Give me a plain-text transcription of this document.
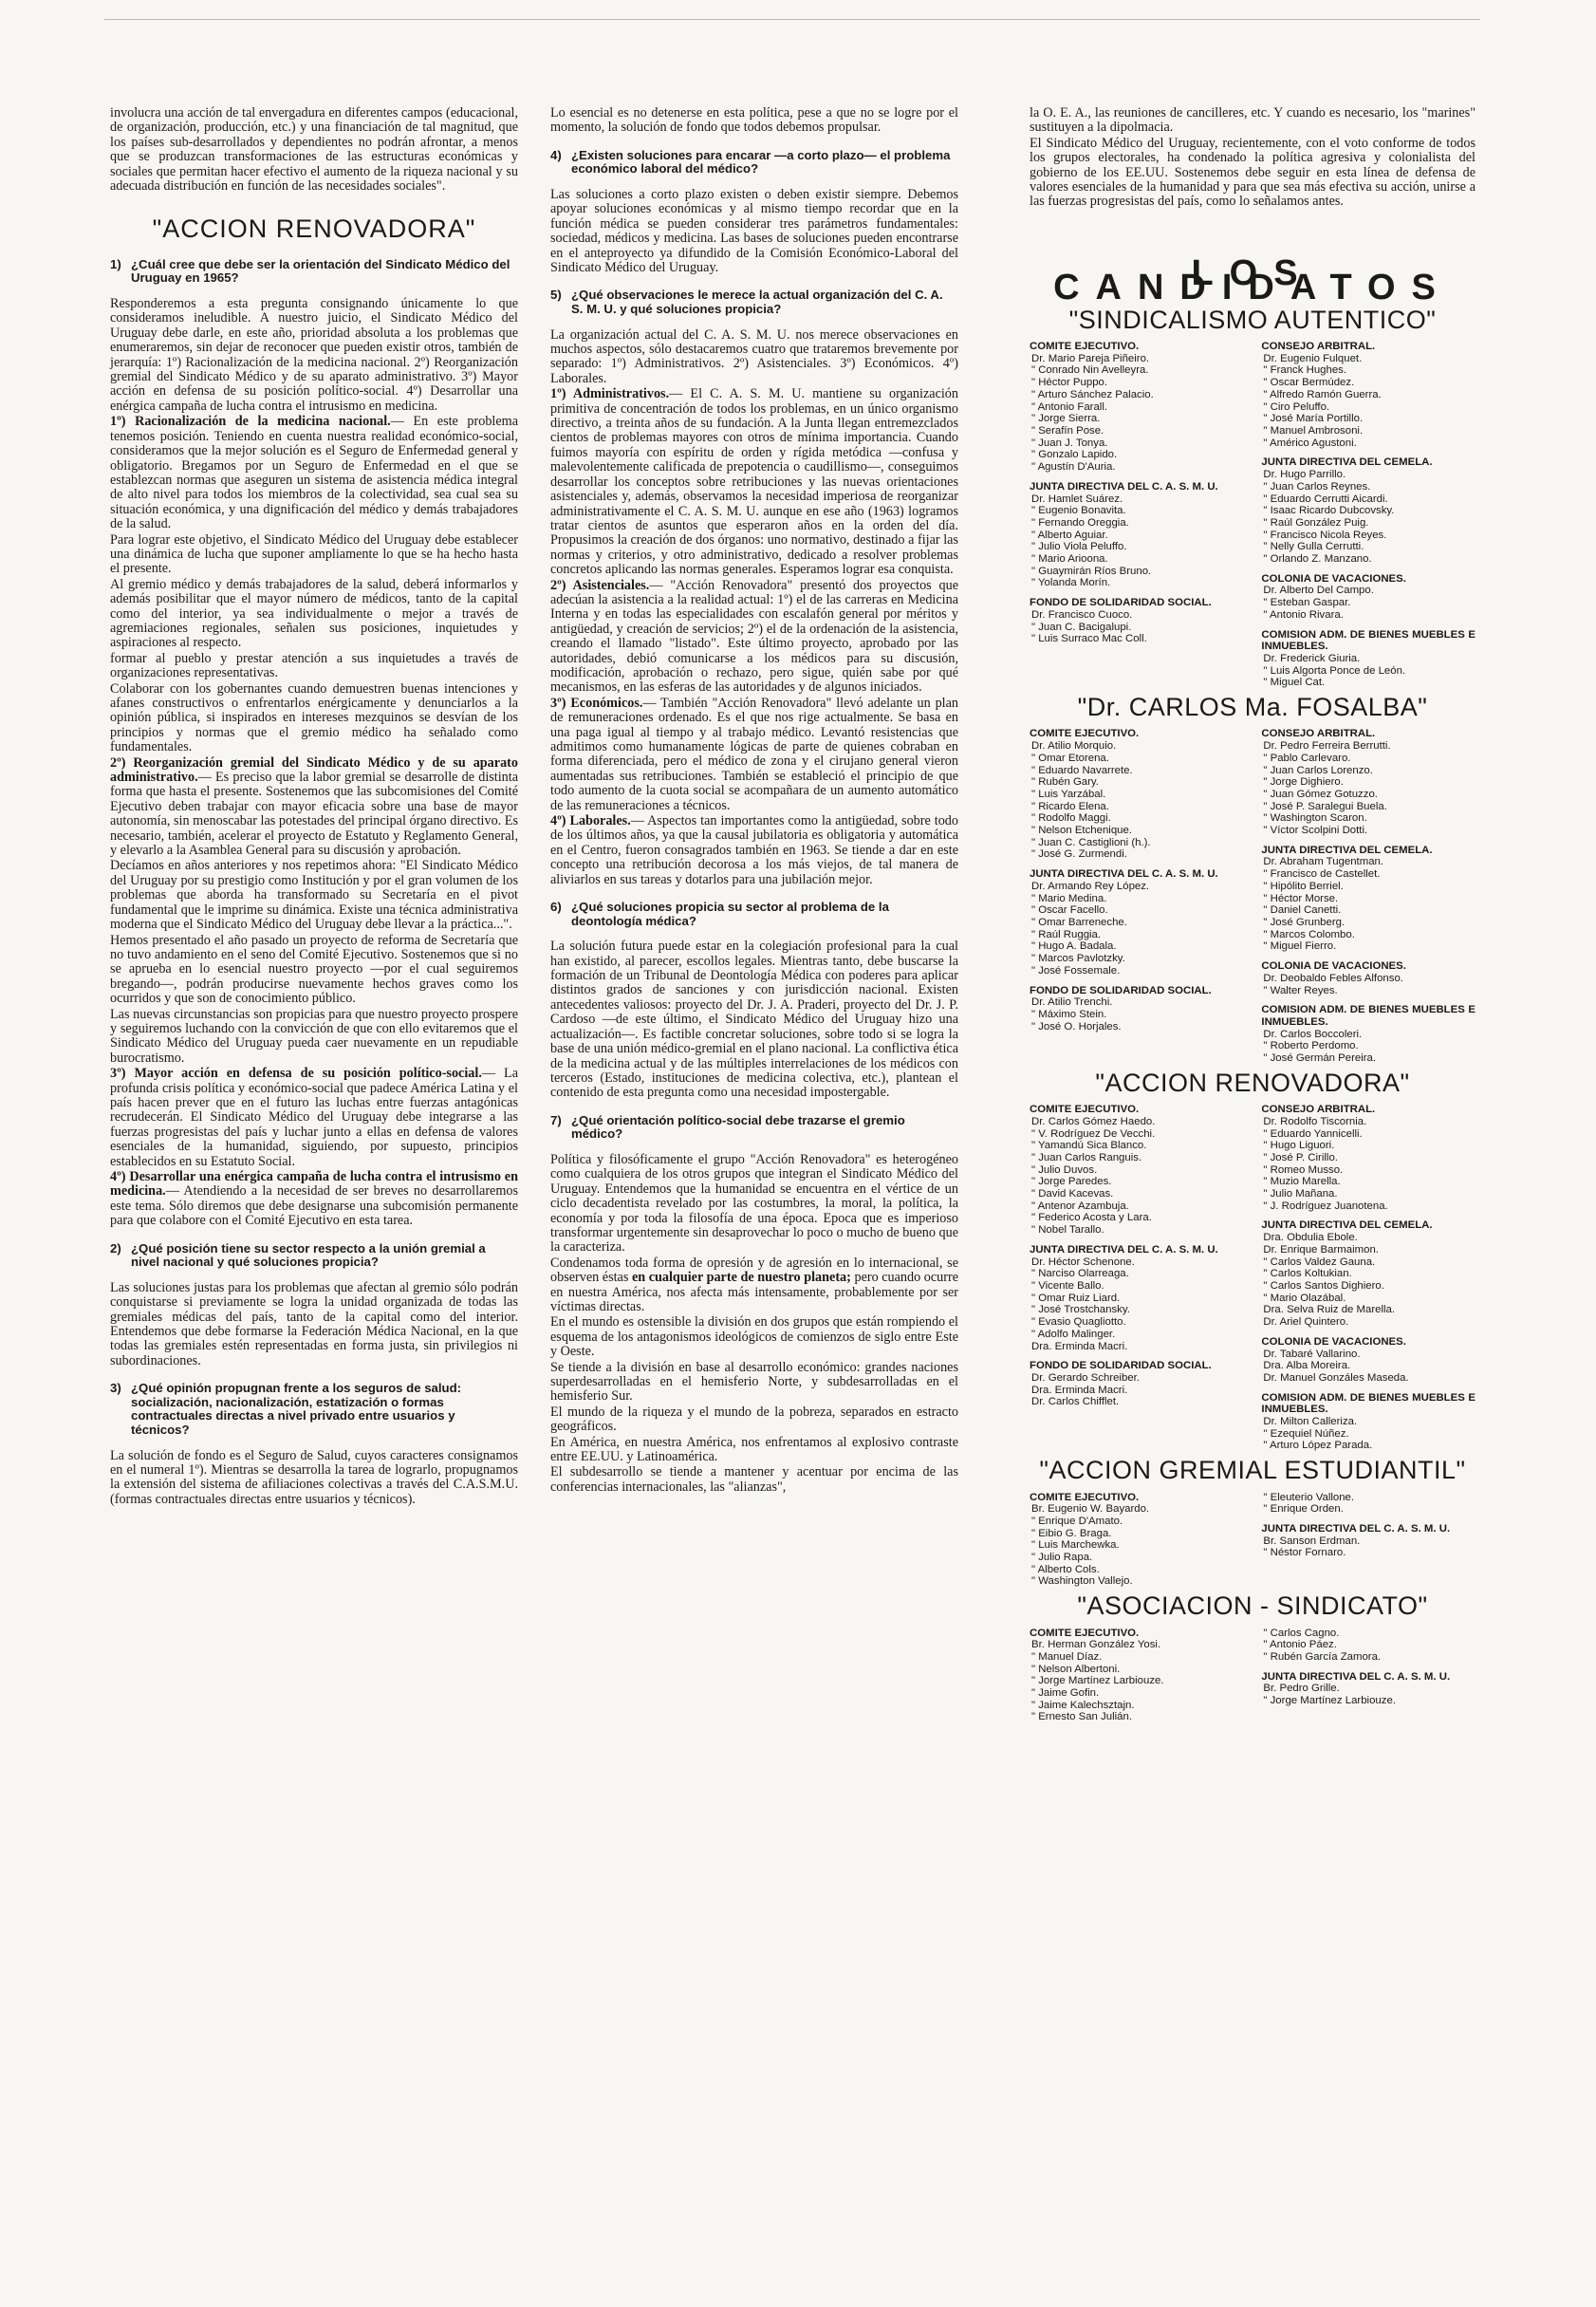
involucra una acción de tal envergadura en diferentes campos (educacional, de organización, producción, etc.) y una financiación de tal magnitud, que los países sub-desarrollados y dependientes no podrán afrontar, a menos que se produzcan transformaciones de las estructuras económicas y sociales que permitan hacer efectivo el aumento de la riqueza nacional y su adecuada distribución en función de las necesidades sociales".

"ACCION RENOVADORA"
1) ¿Cuál cree que debe ser la orientación del Sindicato Médico del Uruguay en 1965?

Responderemos a esta pregunta consignando únicamente lo que consideramos ineludible. A nuestro juicio, el Sindicato Médico del Uruguay debe darle, en este año, prioridad absoluta a los problemas que enumeraremos, sin dejar de reconocer que pueden existir otros, también de jerarquía: 1º) Racionalización de la medicina nacional. 2º) Reorganización gremial del Sindicato Médico y de su aparato administrativo. 3º) Mayor acción en defensa de su posición político-social. 4º) Desarrollar una enérgica campaña de lucha contra el intrusismo en medicina.

1º) Racionalización de la medicina nacional.— En este problema tenemos posición. Teniendo en cuenta nuestra realidad económico-social, consideramos que la mejor solución es el Seguro de Enfermedad general y obligatorio. Bregamos por un Seguro de Enfermedad en el que se establezcan normas que aseguren un sistema de asistencia médica integral de alto nivel para todos los miembros de la colectividad, sea cual sea su situación económica, y una dignificación del médico y demás trabajadores de la salud.

Para lograr este objetivo, el Sindicato Médico del Uruguay debe establecer una dinámica de lucha que suponer ampliamente lo que se ha hecho hasta el presente.

Al gremio médico y demás trabajadores de la salud, deberá informarlos y además posibilitar que el mayor número de médicos, tanto de la capital como del interior, ya sea individualmente o mejor a través de agremiaciones regionales, señalen sus posiciones, inquietudes y aspiraciones al respecto.

formar al pueblo y prestar atención a sus inquietudes a través de organizaciones representativas.

Colaborar con los gobernantes cuando demuestren buenas intenciones y afanes constructivos o enfrentarlos enérgicamente y denunciarlos a la opinión pública, si inspirados en intereses mezquinos se desvían de los principios y normas que el gremio médico ha señalado como fundamentales.

2º) Reorganización gremial del Sindicato Médico y de su aparato administrativo.— Es preciso que la labor gremial se desarrolle de distinta forma que hasta el presente. Sostenemos que las subcomisiones del Comité Ejecutivo deben trabajar con mayor eficacia sobre una base de mayor autonomía, sin menoscabar las potestades del principal órgano directivo. Es necesario, también, acelerar el proyecto de Estatuto y Reglamento General, y elevarlo a la Asamblea General para su discusión y aprobación.

Decíamos en años anteriores y nos repetimos ahora: "El Sindicato Médico del Uruguay por su prestigio como Institución y por el gran volumen de los problemas que aborda ha transformado su Secretaría en el pivot fundamental que le imprime su dinámica. Existe una técnica administrativa moderna que el Sindicato Médico del Uruguay debe llevar a la práctica...".

Hemos presentado el año pasado un proyecto de reforma de Secretaría que no tuvo andamiento en el seno del Comité Ejecutivo. Sostenemos que si no se aprueba en lo esencial nuestro proyecto —por el cual seguiremos bregando—, podrán producirse nuevamente hechos graves como los ocurridos y que son de conocimiento público.

Las nuevas circunstancias son propicias para que nuestro proyecto prospere y seguiremos luchando con la convicción de que con ello evitaremos que el Sindicato Médico del Uruguay pueda caer nuevamente en un repudiable burocratismo.

3º) Mayor acción en defensa de su posición político-social.— La profunda crisis política y económico-social que padece América Latina y el país hacen prever que en el futuro las luchas entre fuerzas antagónicas recrudecerán. El Sindicato Médico del Uruguay debe integrarse a las fuerzas progresistas del país y luchar junto a ellas en defensa de valores esenciales de la humanidad, siguiendo, por supuesto, principios establecidos en su Estatuto Social.

4º) Desarrollar una enérgica campaña de lucha contra el intrusismo en medicina.— Atendiendo a la necesidad de ser breves no desarrollaremos este tema. Sólo diremos que debe designarse una subcomisión permanente para que colabore con el Comité Ejecutivo en esta tarea.

2) ¿Qué posición tiene su sector respecto a la unión gremial a nivel nacional y qué soluciones propicia?

Las soluciones justas para los problemas que afectan al gremio sólo podrán conquistarse si previamente se logra la unidad organizada de todas las gremiales médicas del país, tanto de la capital como del interior. Entendemos que debe formarse la Federación Médica Nacional, en la que todas las gremiales estén representadas en forma justa, sin privilegios ni subordinaciones.

3) ¿Qué opinión propugnan frente a los seguros de salud: socialización, nacionalización, estatización o formas contractuales directas a nivel privado entre usuarios y técnicos?

La solución de fondo es el Seguro de Salud, cuyos caracteres consignamos en el numeral 1º). Mientras se desarrolla la tarea de lograrlo, propugnamos la extensión del sistema de afiliaciones colectivas a través del C.A.S.M.U. (formas contractuales directas entre usuarios y técnicos).

Lo esencial es no detenerse en esta política, pese a que no se logre por el momento, la solución de fondo que todos debemos propulsar.

4) ¿Existen soluciones para encarar —a corto plazo— el problema económico laboral del médico?

Las soluciones a corto plazo existen o deben existir siempre. Debemos apoyar soluciones económicas y al mismo tiempo recordar que en la función médica se pueden considerar tres parámetros fundamentales: sociedad, médicos y medicina. Las bases de soluciones pueden encontrarse en el anteproyecto ya difundido de la Comisión Económico-Laboral del Sindicato Médico del Uruguay.

5) ¿Qué observaciones le merece la actual organización del C. A. S. M. U. y qué soluciones propicia?

La organización actual del C. A. S. M. U. nos merece observaciones en muchos aspectos, sólo destacaremos cuatro que trataremos brevemente por separado: 1º) Administrativos. 2º) Asistenciales. 3º) Económicos. 4º) Laborales.

1º) Administrativos.— El C. A. S. M. U. mantiene su organización primitiva de concentración de todos los problemas, en un único organismo directivo, a treinta años de su fundación. A la Junta llegan entremezclados cientos de problemas mayores con otros de mínima importancia. Cuando fuimos mayoría con espíritu de orden y rígida metódica —confusa y malevolentemente calificada de prepotencia o caudillismo—, conseguimos desarrollar los conceptos sobre retribuciones y las nuevas orientaciones asistenciales y, además, observamos la necesidad imperiosa de reorganizar administrativamente el C. A. S. M. U. aunque en ese año (1963) logramos tratar cientos de asuntos que esperaron años en la orden del día. Propusimos la creación de dos órganos: uno normativo, destinado a fijar las normas y criterios, y otro administrativo, dedicado a resolver problemas concretos aplicando las normas generales. Esperamos lograr esa conquista.

2º) Asistenciales.— "Acción Renovadora" presentó dos proyectos que adecúan la asistencia a la realidad actual: 1º) el de las carreras en Medicina Interna y en todas las especialidades con escalafón general por méritos y antigüedad, y creación de servicios; 2º) el de la ordenación de la asistencia, creando el llamado "listado". Este último proyecto, aprobado por las autoridades, debió comunicarse a los médicos para su discusión, modificación, aprobación o rechazo, pero sigue, quién sabe por qué mecanismos, en las esferas de las autoridades y de algunos iniciados.

3º) Económicos.— También "Acción Renovadora" llevó adelante un plan de remuneraciones ordenado. Es el que nos rige actualmente. Se basa en una paga igual al tiempo y al trabajo médico. Levantó resistencias que admitimos como humanamente lógicas de parte de quienes cobraban en forma diferenciada, pero el médico de zona y el cirujano general vieron aumentadas sus retribuciones. También se estableció el principio de que todo aumento de la cuota social se acompañara de un aumento automático de las remuneraciones a técnicos.

4º) Laborales.— Aspectos tan importantes como la antigüedad, sobre todo de los últimos años, ya que la causal jubilatoria es obligatoria y automática en el Centro, fueron consagrados también en 1963. Se tiende a dar en este concepto una retribución decorosa a los más viejos, de tal manera de aliviarlos en sus tareas y dotarlos para una jubilación mejor.

6) ¿Qué soluciones propicia su sector al problema de la deontología médica?

La solución futura puede estar en la colegiación profesional para la cual han existido, al parecer, escollos legales. Mientras tanto, debe buscarse la formación de un Tribunal de Deontología Médica con poderes para aplicar distintos grados de sanciones y con jurisdicción nacional. Existen antecedentes valiosos: proyecto del Dr. J. A. Praderi, proyecto del Dr. J. P. Cardoso —de este último, el Sindicato Médico del Uruguay hizo una actualización—. Es factible concretar soluciones, sobre todo si se logra la base de una unión médico-gremial en el plano nacional. La conflictiva ética de la medicina actual y de las múltiples interrelaciones de los médicos con terceros (Estado, instituciones de medicina colectiva, etc.), plantean el contenido de esta pregunta como una necesidad impostergable.

7) ¿Qué orientación político-social debe trazarse el gremio médico?

Política y filosóficamente el grupo "Acción Renovadora" es heterogéneo como cualquiera de los otros grupos que integran el Sindicato Médico del Uruguay. Entendemos que la humanidad se encuentra en el vértice de un ciclo decadentista revelado por las costumbres, la moral, la política, la economía y por toda la filosofía de una época. Epoca que es imperioso transformar urgentemente sin desaprovechar lo poco o mucho de bueno que la caracteriza.

Condenamos toda forma de opresión y de agresión en lo internacional, se observen éstas en cualquier parte de nuestro planeta; pero cuando ocurre en nuestra América, nos afecta más intensamente, probablemente por ser víctimas directas.

En el mundo es ostensible la división en dos grupos que están rompiendo el esquema de los antagonismos ideológicos de comienzos de siglo entre Este y Oeste.

Se tiende a la división en base al desarrollo económico: grandes naciones superdesarrolladas en el hemisferio Norte, y subdesarrolladas en el hemisferio Sur.

El mundo de la riqueza y el mundo de la pobreza, separados en estracto geográficos.

En América, en nuestra América, nos enfrentamos al explosivo contraste entre EE.UU. y Latinoamérica.

El subdesarrollo se tiende a mantener y acentuar por encima de las conferencias internacionales, las "alianzas",

la O. E. A., las reuniones de cancilleres, etc. Y cuando es necesario, los "marines" sustituyen a la dipolmacia.

El Sindicato Médico del Uruguay, recientemente, con el voto conforme de todos los grupos electorales, ha condenado la política agresiva y colonialista del gobierno de los EE.UU. Sostenemos debe seguir en esta línea de defensa de valores esenciales de la humanidad y para que sea más efectiva su acción, unirse a las fuerzas progresistas del país, como lo señalamos antes.

LOS CANDIDATOS
"SINDICALISMO AUTENTICO"
COMITE EJECUTIVO.
Dr. Mario Pareja Piñeiro.
" Conrado Nin Avelleyra.
" Héctor Puppo.
" Arturo Sánchez Palacio.
" Antonio Farall.
" Jorge Sierra.
" Serafín Pose.
" Juan J. Tonya.
" Gonzalo Lapido.
" Agustín D'Auria.
JUNTA DIRECTIVA DEL C. A. S. M. U.
Dr. Hamlet Suárez.
" Eugenio Bonavita.
" Fernando Oreggia.
" Alberto Aguiar.
" Julio Viola Peluffo.
" Mario Arioona.
" Guaymirán Ríos Bruno.
" Yolanda Morín.
FONDO DE SOLIDARIDAD SOCIAL.
Dr. Francisco Cuoco.
" Juan C. Bacigalupi.
" Luis Surraco Mac Coll.
CONSEJO ARBITRAL.
Dr. Eugenio Fulquet.
" Franck Hughes.
" Oscar Bermúdez.
" Alfredo Ramón Guerra.
" Ciro Peluffo.
" José María Portillo.
" Manuel Ambrosoni.
" Américo Agustoni.
JUNTA DIRECTIVA DEL CEMELA.
Dr. Hugo Parrillo.
" Juan Carlos Reynes.
" Eduardo Cerrutti Aicardi.
" Isaac Ricardo Dubcovsky.
" Raúl González Puig.
" Francisco Nicola Reyes.
" Nelly Gulla Cerrutti.
" Orlando Z. Manzano.
COLONIA DE VACACIONES.
Dr. Alberto Del Campo.
" Esteban Gaspar.
" Antonio Rivara.
COMISION ADM. DE BIENES MUEBLES E INMUEBLES.
Dr. Frederick Giuria.
" Luis Algorta Ponce de León.
" Miguel Cat.
"Dr. CARLOS Ma. FOSALBA"
COMITE EJECUTIVO.
Dr. Atilio Morquio.
" Omar Etorena.
" Eduardo Navarrete.
" Rubén Gary.
" Luis Yarzábal.
" Ricardo Elena.
" Rodolfo Maggi.
" Nelson Etchenique.
" Juan C. Castiglioni (h.).
" José G. Zurmendi.
JUNTA DIRECTIVA DEL C. A. S. M. U.
Dr. Armando Rey López.
" Mario Medina.
" Oscar Facello.
" Omar Barreneche.
" Raúl Ruggia.
" Hugo A. Badala.
" Marcos Pavlotzky.
" José Fossemale.
FONDO DE SOLIDARIDAD SOCIAL.
Dr. Atilio Trenchi.
" Máximo Stein.
" José O. Horjales.
CONSEJO ARBITRAL.
Dr. Pedro Ferreira Berrutti.
" Pablo Carlevaro.
" Juan Carlos Lorenzo.
" Jorge Dighiero.
" Juan Gómez Gotuzzo.
" José P. Saralegui Buela.
" Washington Scaron.
" Víctor Scolpini Dotti.
JUNTA DIRECTIVA DEL CEMELA.
Dr. Abraham Tugentman.
" Francisco de Castellet.
" Hipólito Berriel.
" Héctor Morse.
" Daniel Canetti.
" José Grunberg.
" Marcos Colombo.
" Miguel Fierro.
COLONIA DE VACACIONES.
Dr. Deobaldo Febles Alfonso.
" Walter Reyes.
COMISION ADM. DE BIENES MUEBLES E INMUEBLES.
Dr. Carlos Boccoleri.
" Roberto Perdomo.
" José Germán Pereira.
"ACCION RENOVADORA"
COMITE EJECUTIVO.
Dr. Carlos Gómez Haedo.
" V. Rodríguez De Vecchi.
" Yamandú Sica Blanco.
" Juan Carlos Ranguis.
" Julio Duvos.
" Jorge Paredes.
" David Kacevas.
" Antenor Azambuja.
" Federico Acosta y Lara.
" Nobel Tarallo.
JUNTA DIRECTIVA DEL C. A. S. M. U.
Dr. Héctor Schenone.
" Narciso Olarreaga.
" Vicente Ballo.
" Omar Ruiz Liard.
" José Trostchansky.
" Evasio Quagliotto.
" Adolfo Malinger.
Dra. Erminda Macri.
FONDO DE SOLIDARIDAD SOCIAL.
Dr. Gerardo Schreiber.
Dra. Erminda Macri.
Dr. Carlos Chifflet.
CONSEJO ARBITRAL.
Dr. Rodolfo Tiscornia.
" Eduardo Yannicelli.
" Hugo Liguori.
" José P. Cirillo.
" Romeo Musso.
" Muzio Marella.
" Julio Mañana.
" J. Rodríguez Juanotena.
JUNTA DIRECTIVA DEL CEMELA.
Dra. Obdulia Ebole.
Dr. Enrique Barmaimon.
" Carlos Valdez Gauna.
" Carlos Koltukian.
" Carlos Santos Dighiero.
" Mario Olazábal.
Dra. Selva Ruiz de Marella.
Dr. Ariel Quintero.
COLONIA DE VACACIONES.
Dr. Tabaré Vallarino.
Dra. Alba Moreira.
Dr. Manuel Gonzáles Maseda.
COMISION ADM. DE BIENES MUEBLES E INMUEBLES.
Dr. Milton Calleriza.
" Ezequiel Núñez.
" Arturo López Parada.
"ACCION GREMIAL ESTUDIANTIL"
COMITE EJECUTIVO.
Br. Eugenio W. Bayardo.
" Enrique D'Amato.
" Eibio G. Braga.
" Luis Marchewka.
" Julio Rapa.
" Alberto Cols.
" Washington Vallejo.
" Eleuterio Vallone.
" Enrique Orden.
JUNTA DIRECTIVA DEL C. A. S. M. U.
Br. Sanson Erdman.
" Néstor Fornaro.
"ASOCIACION - SINDICATO"
COMITE EJECUTIVO.
Br. Herman González Yosi.
" Manuel Díaz.
" Nelson Albertoni.
" Jorge Martínez Larbiouze.
" Jaime Gofin.
" Jaime Kalechsztajn.
" Ernesto San Julián.
" Carlos Cagno.
" Antonio Páez.
" Rubén García Zamora.
JUNTA DIRECTIVA DEL C. A. S. M. U.
Br. Pedro Grille.
" Jorge Martínez Larbiouze.
